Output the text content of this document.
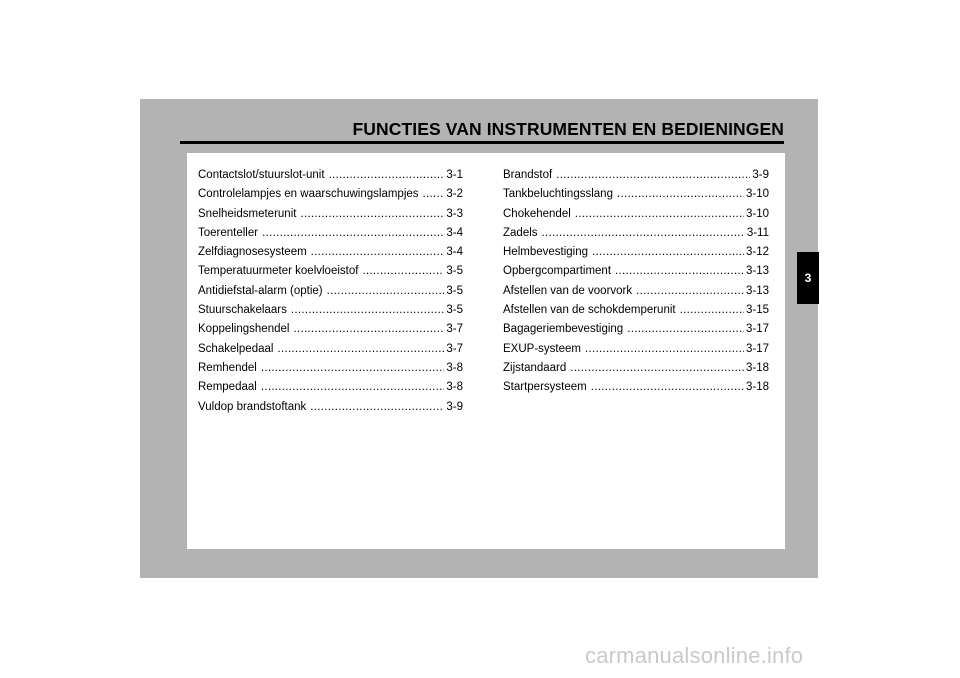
FUNCTIES VAN INSTRUMENTEN EN BEDIENINGEN
Contactslot/stuurslot-unit .....	3-1
Controlelampjes en waarschuwingslampjes ..... 3-2
Snelheidsmeterunit .....	3-3
Toerenteller .....	3-4
Zelfdiagnosesysteem .....	3-4
Temperatuurmeter koelvloeistof .....	3-5
Antidiefstal-alarm (optie) .....	3-5
Stuurschakelaars .....	3-5
Koppelingshendel .....	3-7
Schakelpedaal .....	3-7
Remhendel .....	3-8
Rempedaal .....	3-8
Vuldop brandstoftank .....	3-9
Brandstof .....	3-9
Tankbeluchtingsslang .....	3-10
Chokehendel .....	3-10
Zadels .....	3-11
Helmbevestiging .....	3-12
Opbergcompartiment .....	3-13
Afstellen van de voorvork .....	3-13
Afstellen van de schokdemperunit .....	3-15
Bagageriembevestiging .....	3-17
EXUP-systeem .....	3-17
Zijstandaard .....	3-18
Startpersysteem .....	3-18
3
carmanualsonline.info
